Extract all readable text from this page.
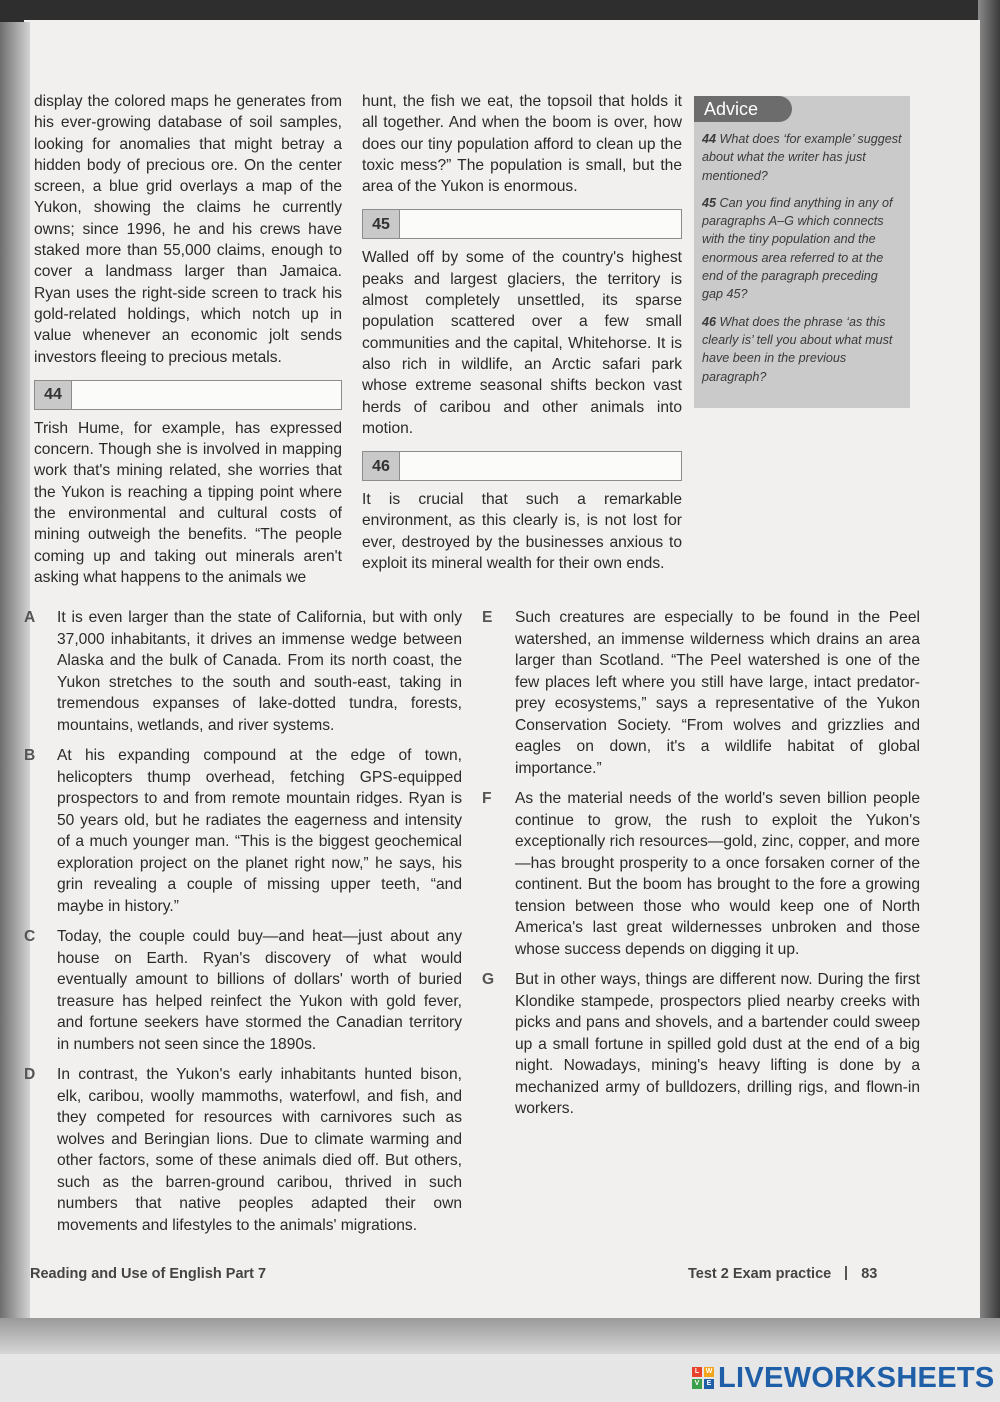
display the colored maps he generates from his ever-growing database of soil samples, looking for anomalies that might betray a hidden body of precious ore. On the center screen, a blue grid overlays a map of the Yukon, showing the claims he currently owns; since 1996, he and his crews have staked more than 55,000 claims, enough to cover a landmass larger than Jamaica. Ryan uses the right-side screen to track his gold-related holdings, which notch up in value whenever an economic jolt sends investors fleeing to precious metals.

44

Trish Hume, for example, has expressed concern. Though she is involved in mapping work that's mining related, she worries that the Yukon is reaching a tipping point where the environmental and cultural costs of mining outweigh the benefits. “The people coming up and taking out minerals aren't asking what happens to the animals we

hunt, the fish we eat, the topsoil that holds it all together. And when the boom is over, how does our tiny population afford to clean up the toxic mess?” The population is small, but the area of the Yukon is enormous.

45

Walled off by some of the country's highest peaks and largest glaciers, the territory is almost completely unsettled, its sparse population scattered over a few small communities and the capital, Whitehorse. It is also rich in wildlife, an Arctic safari park whose extreme seasonal shifts beckon vast herds of caribou and other animals into motion.

46

It is crucial that such a remarkable environment, as this clearly is, is not lost for ever, destroyed by the businesses anxious to exploit its mineral wealth for their own ends.

Advice

44 What does ‘for example’ suggest about what the writer has just mentioned?

45 Can you find anything in any of paragraphs A–G which connects with the tiny population and the enormous area referred to at the end of the paragraph preceding gap 45?

46 What does the phrase ‘as this clearly is’ tell you about what must have been in the previous paragraph?

A	It is even larger than the state of California, but with only 37,000 inhabitants, it drives an immense wedge between Alaska and the bulk of Canada. From its north coast, the Yukon stretches to the south and south-east, taking in tremendous expanses of lake-dotted tundra, forests, mountains, wetlands, and river systems.
B	At his expanding compound at the edge of town, helicopters thump overhead, fetching GPS-equipped prospectors to and from remote mountain ridges. Ryan is 50 years old, but he radiates the eagerness and intensity of a much younger man. “This is the biggest geochemical exploration project on the planet right now,” he says, his grin revealing a couple of missing upper teeth, “and maybe in history.”
C	Today, the couple could buy—and heat—just about any house on Earth. Ryan's discovery of what would eventually amount to billions of dollars' worth of buried treasure has helped reinfect the Yukon with gold fever, and fortune seekers have stormed the Canadian territory in numbers not seen since the 1890s.
D	In contrast, the Yukon's early inhabitants hunted bison, elk, caribou, woolly mammoths, waterfowl, and fish, and they competed for resources with carnivores such as wolves and Beringian lions. Due to climate warming and other factors, some of these animals died off. But others, such as the barren-ground caribou, thrived in such numbers that native peoples adapted their own movements and lifestyles to the animals' migrations.
E	Such creatures are especially to be found in the Peel watershed, an immense wilderness which drains an area larger than Scotland. “The Peel watershed is one of the few places left where you still have large, intact predator-prey ecosystems,” says a representative of the Yukon Conservation Society. “From wolves and grizzlies and eagles on down, it's a wildlife habitat of global importance.”
F	As the material needs of the world's seven billion people continue to grow, the rush to exploit the Yukon's exceptionally rich resources—gold, zinc, copper, and more—has brought prosperity to a once forsaken corner of the continent. But the boom has brought to the fore a growing tension between those who would keep one of North America's last great wildernesses unbroken and those whose success depends on digging it up.
G	But in other ways, things are different now. During the first Klondike stampede, prospectors plied nearby creeks with picks and pans and shovels, and a bartender could sweep up a small fortune in spilled gold dust at the end of a big night. Nowadays, mining's heavy lifting is done by a mechanized army of bulldozers, drilling rigs, and flown-in workers.
Reading and Use of English Part 7	Test 2 Exam practice 83
L W
V	E LIVEWORKSHEETS
